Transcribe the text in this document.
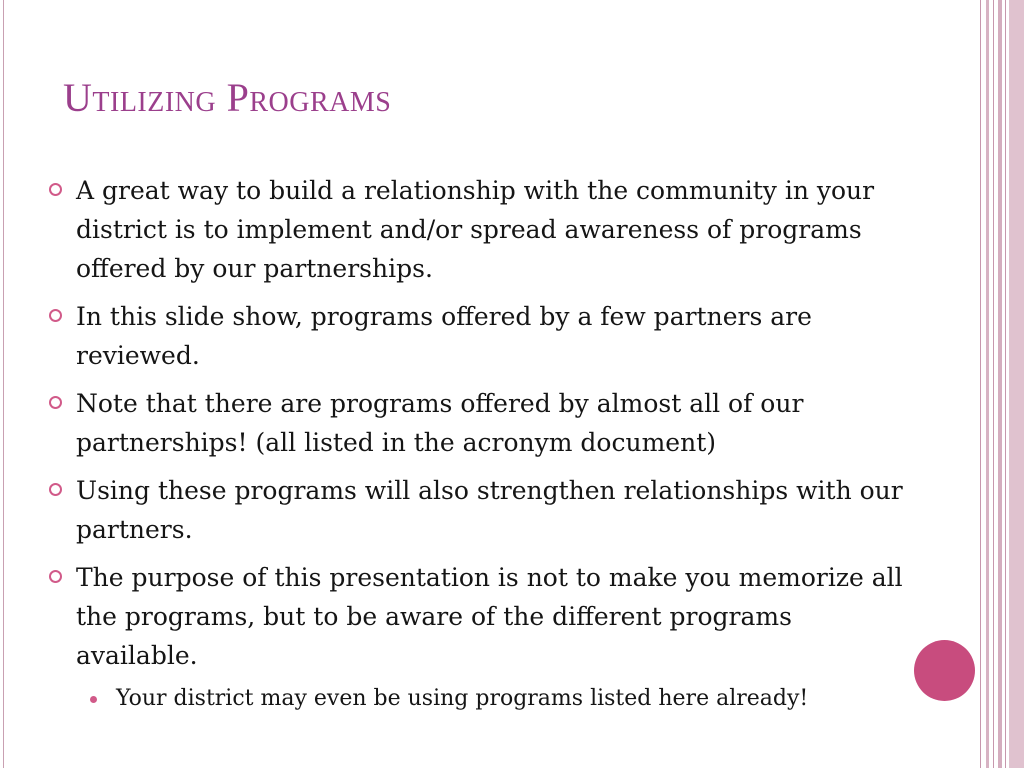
Utilizing Programs
A great way to build a relationship with the community in your district is to implement and/or spread awareness of programs offered by our partnerships.
In this slide show, programs offered by a few partners are reviewed.
Note that there are programs offered by almost all of our partnerships! (all listed in the acronym document)
Using these programs will also strengthen relationships with our partners.
The purpose of this presentation is not to make you memorize all the programs, but to be aware of the different programs available.
Your district may even be using programs listed here already!
